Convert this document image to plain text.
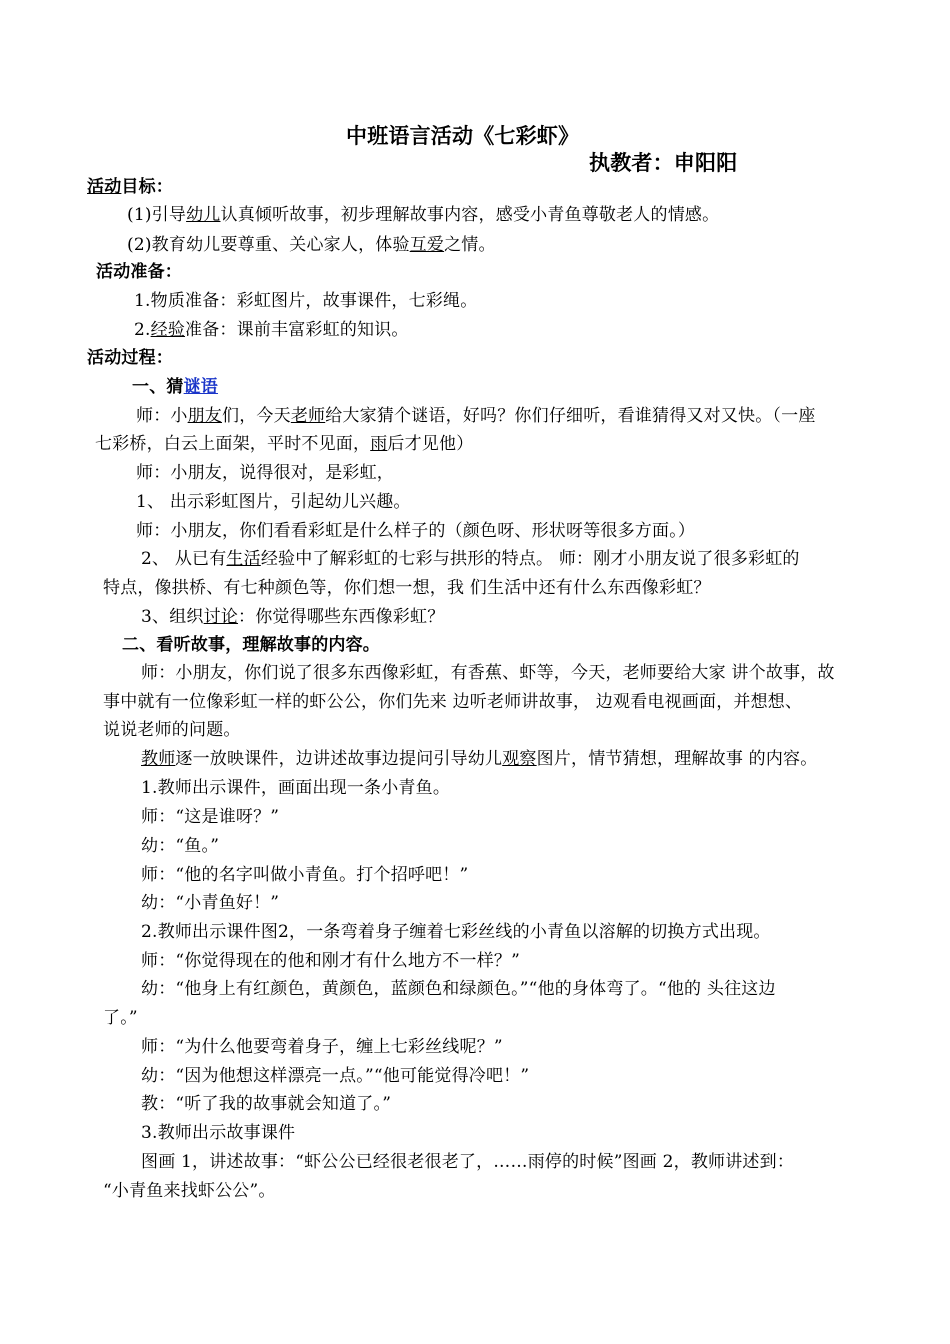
中班语言活动《七彩虾》
执教者：申阳阳
活动目标：
(1)引导幼儿认真倾听故事，初步理解故事内容，感受小青鱼尊敬老人的情感。
(2)教育幼儿要尊重、关心家人，体验互爱之情。
活动准备：
1.物质准备：彩虹图片，故事课件，七彩绳。
2.经验准备：课前丰富彩虹的知识。
活动过程：
一、猜谜语
师：小朋友们，今天老师给大家猜个谜语，好吗？你们仔细听，看谁猜得又对又快。（一座
七彩桥，白云上面架，平时不见面，雨后才见他）
师：小朋友，说得很对，是彩虹，
1、 出示彩虹图片，引起幼儿兴趣。
师：小朋友，你们看看彩虹是什么样子的（颜色呀、形状呀等很多方面。）
2、 从已有生活经验中了解彩虹的七彩与拱形的特点。 师：刚才小朋友说了很多彩虹的
特点，像拱桥、有七种颜色等，你们想一想，我 们生活中还有什么东西像彩虹？
3、组织讨论：你觉得哪些东西像彩虹？
二、看听故事，理解故事的内容。
师：小朋友，你们说了很多东西像彩虹，有香蕉、虾等，今天，老师要给大家 讲个故事，故
事中就有一位像彩虹一样的虾公公，你们先来 边听老师讲故事， 边观看电视画面，并想想、
说说老师的问题。
教师逐一放映课件，边讲述故事边提问引导幼儿观察图片，情节猜想，理解故事 的内容。
1.教师出示课件，画面出现一条小青鱼。
师：“这是谁呀？”
幼：“鱼。”
师：“他的名字叫做小青鱼。打个招呼吧！”
幼：“小青鱼好！”
2.教师出示课件图2，一条弯着身子缠着七彩丝线的小青鱼以溶解的切换方式出现。
师：“你觉得现在的他和刚才有什么地方不一样？”
幼：“他身上有红颜色，黄颜色，蓝颜色和绿颜色。”“他的身体弯了。“他的 头往这边
了。”
师：“为什么他要弯着身子，缠上七彩丝线呢？”
幼：“因为他想这样漂亮一点。”“他可能觉得冷吧！”
教：“听了我的故事就会知道了。”
3.教师出示故事课件
图画 1，讲述故事：“虾公公已经很老很老了，……雨停的时候”图画 2，教师讲述到：
“小青鱼来找虾公公”。
